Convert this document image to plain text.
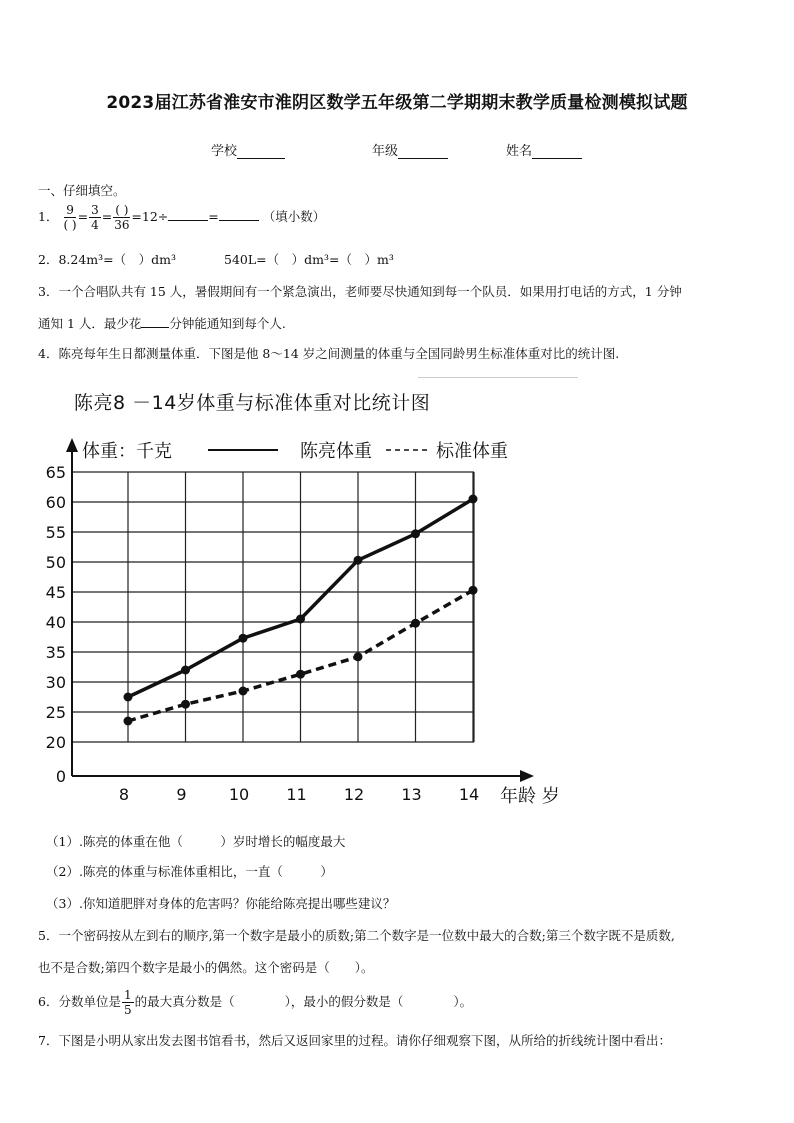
2023届江苏省淮安市淮阴区数学五年级第二学期期末教学质量检测模拟试题
学校	年级	姓名
一、仔细填空。
1． $\frac{9}{( )} = \frac{3}{4} = \frac{( )}{36} =12\div$	=	（填小数）
2．8.24m³=（　）dm³	540L=（　）dm³=（　）m³
3．一个合唱队共有 15 人，暑假期间有一个紧急演出，老师要尽快通知到每一个队员．如果用打电话的方式，1 分钟
通知 1 人．最少花 分钟能通知到每个人.
4．陈亮每年生日都测量体重．下图是他 8～14 岁之间测量的体重与全国同龄男生标准体重对比的统计图.
陈亮8 －14岁体重与标准体重对比统计图
0
20
25
30
35
40
45
50
55
60
65
8	9	10 11 12 13 14 年龄 岁
体重：千克	陈亮体重	标准体重
（1）.陈亮的体重在他（　　　）岁时增长的幅度最大
（2）.陈亮的体重与标准体重相比，一直（　　　）
（3）.你知道肥胖对身体的危害吗？你能给陈亮提出哪些建议？
5．一个密码按从左到右的顺序,第一个数字是最小的质数;第二个数字是一位数中最大的合数;第三个数字既不是质数,
也不是合数;第四个数字是最小的偶然。这个密码是（　　）。
6．分数单位是 $\frac{1}{5}$ 的最大真分数是（　　　　），最小的假分数是（　　　　）。
7．下图是小明从家出发去图书馆看书，然后又返回家里的过程。请你仔细观察下图，从所给的折线统计图中看出：
